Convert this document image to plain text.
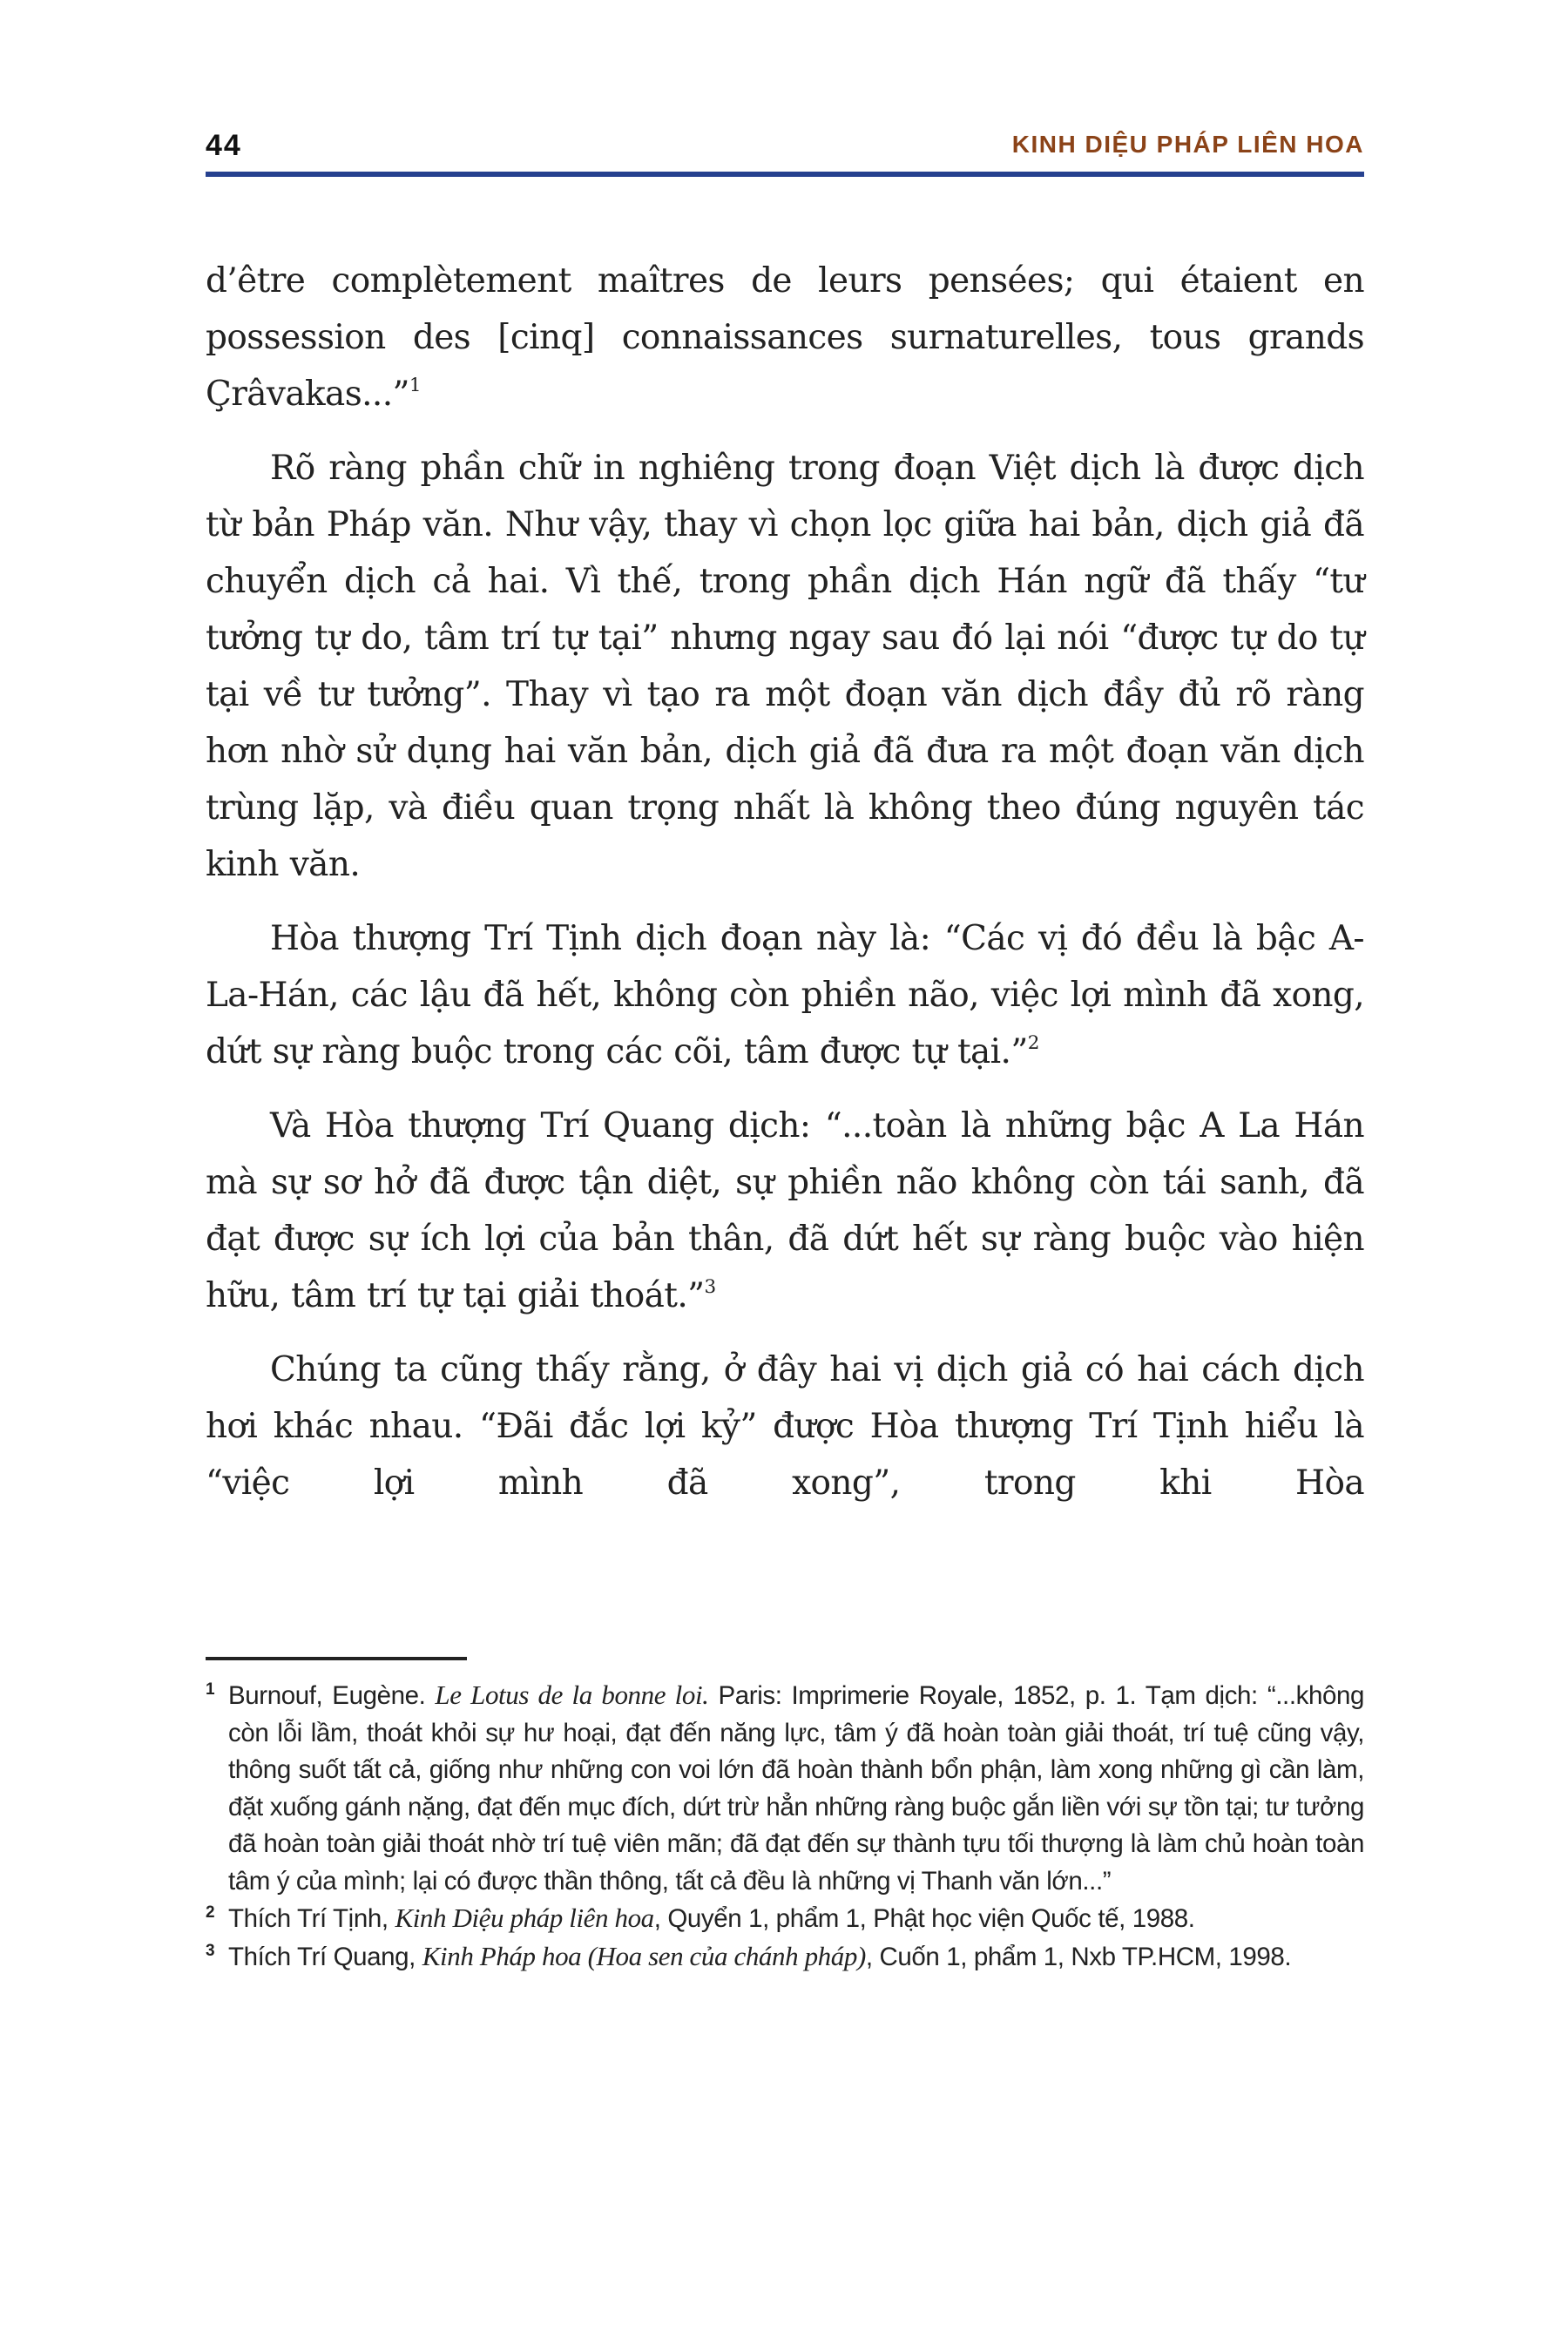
44	KINH DIỆU PHÁP LIÊN HOA

d’être complètement maîtres de leurs pensées; qui étaient en possession des [cinq] connaissances surnaturelles, tous grands Çrâvakas...”$^1$

Rõ ràng phần chữ in nghiêng trong đoạn Việt dịch là được dịch từ bản Pháp văn. Như vậy, thay vì chọn lọc giữa hai bản, dịch giả đã chuyển dịch cả hai. Vì thế, trong phần dịch Hán ngữ đã thấy “tư tưởng tự do, tâm trí tự tại” nhưng ngay sau đó lại nói “được tự do tự tại về tư tưởng”. Thay vì tạo ra một đoạn văn dịch đầy đủ rõ ràng hơn nhờ sử dụng hai văn bản, dịch giả đã đưa ra một đoạn văn dịch trùng lặp, và điều quan trọng nhất là không theo đúng nguyên tác kinh văn.

Hòa thượng Trí Tịnh dịch đoạn này là: “Các vị đó đều là bậc A-La-Hán, các lậu đã hết, không còn phiền não, việc lợi mình đã xong, dứt sự ràng buộc trong các cõi, tâm được tự tại.”$^2$

Và Hòa thượng Trí Quang dịch: “...toàn là những bậc A La Hán mà sự sơ hở đã được tận diệt, sự phiền não không còn tái sanh, đã đạt được sự ích lợi của bản thân, đã dứt hết sự ràng buộc vào hiện hữu, tâm trí tự tại giải thoát.”$^3$

Chúng ta cũng thấy rằng, ở đây hai vị dịch giả có hai cách dịch hơi khác nhau. “Đãi đắc lợi kỷ” được Hòa thượng Trí Tịnh hiểu là “việc lợi mình đã xong”, trong khi Hòa

1 Burnouf, Eugène. Le Lotus de la bonne loi. Paris: Imprimerie Royale, 1852, p. 1. Tạm dịch: “...không còn lỗi lầm, thoát khỏi sự hư hoại, đạt đến năng lực, tâm ý đã hoàn toàn giải thoát, trí tuệ cũng vậy, thông suốt tất cả, giống như những con voi lớn đã hoàn thành bổn phận, làm xong những gì cần làm, đặt xuống gánh nặng, đạt đến mục đích, dứt trừ hẳn những ràng buộc gắn liền với sự tồn tại; tư tưởng đã hoàn toàn giải thoát nhờ trí tuệ viên mãn; đã đạt đến sự thành tựu tối thượng là làm chủ hoàn toàn tâm ý của mình; lại có được thần thông, tất cả đều là những vị Thanh văn lớn...”

2 Thích Trí Tịnh, Kinh Diệu pháp liên hoa, Quyển 1, phẩm 1, Phật học viện Quốc tế, 1988.

3 Thích Trí Quang, Kinh Pháp hoa (Hoa sen của chánh pháp), Cuốn 1, phẩm 1, Nxb TP.HCM, 1998.
